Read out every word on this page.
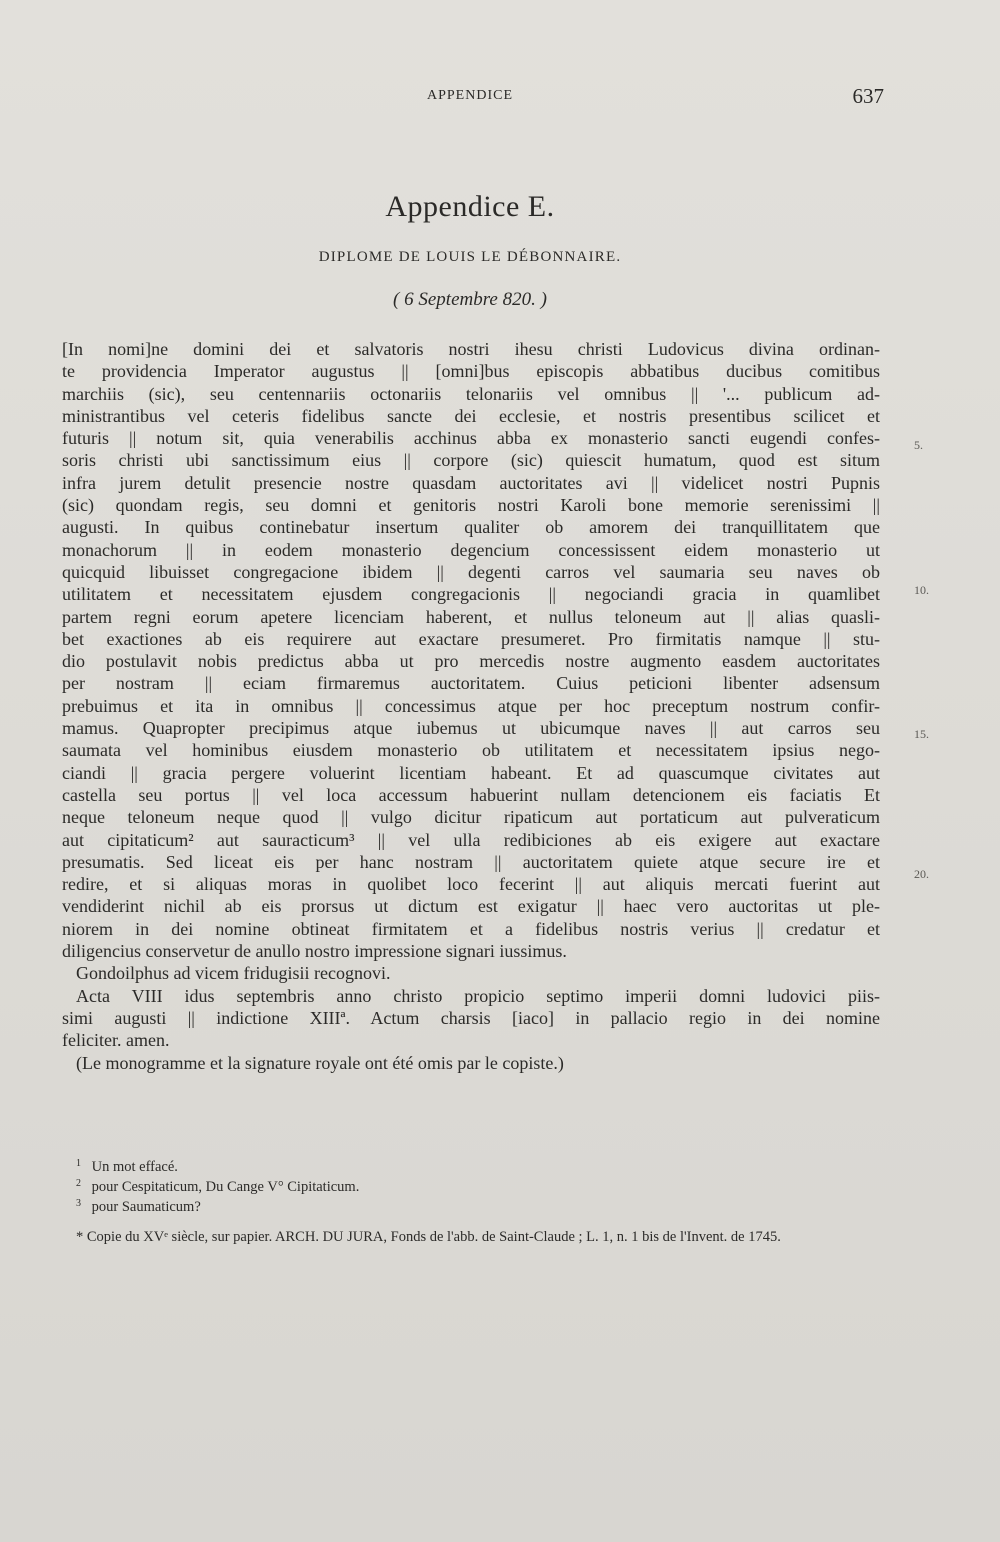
APPENDICE	637
Appendice E.
DIPLOME DE LOUIS LE DÉBONNAIRE.
( 6 Septembre 820. )
[In nomi]ne domini dei et salvatoris nostri ihesu christi Ludovicus divina ordinan-
te providencia Imperator augustus || [omni]bus episcopis abbatibus ducibus comitibus
marchiis (sic), seu centennariis octonariis telonariis vel omnibus || '... publicum ad-
ministrantibus vel ceteris fidelibus sancte dei ecclesie, et nostris presentibus scilicet et
futuris || notum sit, quia venerabilis acchinus abba ex monasterio sancti eugendi confes-
soris christi ubi sanctissimum eius || corpore (sic) quiescit humatum, quod est situm
infra jurem detulit presencie nostre quasdam auctoritates avi || videlicet nostri Pupnis
(sic) quondam regis, seu domni et genitoris nostri Karoli bone memorie serenissimi ||
augusti. In quibus continebatur insertum qualiter ob amorem dei tranquillitatem que
monachorum || in eodem monasterio degencium concessissent eidem monasterio ut
quicquid libuisset congregacione ibidem || degenti carros vel saumaria seu naves ob
utilitatem et necessitatem ejusdem congregacionis || negociandi gracia in quamlibet
partem regni eorum apetere licenciam haberent, et nullus teloneum aut || alias quasli-
bet exactiones ab eis requirere aut exactare presumeret. Pro firmitatis namque || stu-
dio postulavit nobis predictus abba ut pro mercedis nostre augmento easdem auctoritates
per nostram || eciam firmaremus auctoritatem. Cuius peticioni libenter adsensum
prebuimus et ita in omnibus || concessimus atque per hoc preceptum nostrum confir-
mamus. Quapropter precipimus atque iubemus ut ubicumque naves || aut carros seu
saumata vel hominibus eiusdem monasterio ob utilitatem et necessitatem ipsius nego-
ciandi || gracia pergere voluerint licentiam habeant. Et ad quascumque civitates aut
castella seu portus || vel loca accessum habuerint nullam detencionem eis faciatis Et
neque teloneum neque quod || vulgo dicitur ripaticum aut portaticum aut pulveraticum
aut cipitaticum² aut sauracticum³ || vel ulla redibiciones ab eis exigere aut exactare
presumatis. Sed liceat eis per hanc nostram || auctoritatem quiete atque secure ire et
redire, et si aliquas moras in quolibet loco fecerint || aut aliquis mercati fuerint aut
vendiderint nichil ab eis prorsus ut dictum est exigatur || haec vero auctoritas ut ple-
niorem in dei nomine obtineat firmitatem et a fidelibus nostris verius || credatur et
diligencius conservetur de anullo nostro impressione signari iussimus.
Gondoilphus ad vicem fridugisii recognovi.
Acta VIII idus septembris anno christo propicio septimo imperii domni ludovici piis-
simi augusti || indictione XIIIª. Actum charsis [iaco] in pallacio regio in dei nomine
feliciter. amen.
(Le monogramme et la signature royale ont été omis par le copiste.)
5.
10.
15.
20.
1 Un mot effacé.
2 pour Cespitaticum, Du Cange V° Cipitaticum.
3 pour Saumaticum?
* Copie du XVᵉ siècle, sur papier. ARCH. DU JURA, Fonds de l'abb. de Saint-Claude ; L. 1, n. 1 bis de l'Invent. de 1745.
